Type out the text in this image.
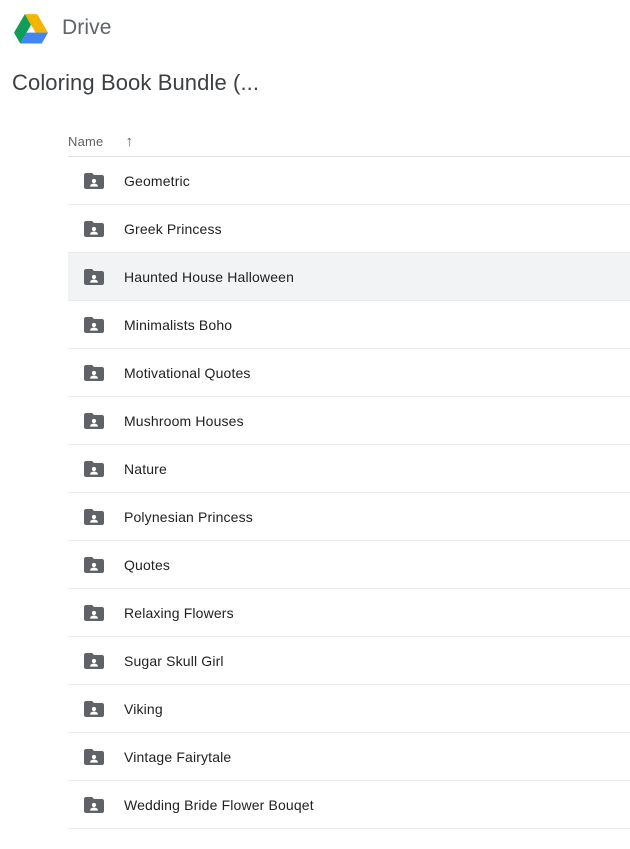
Drive
Coloring Book Bundle (...
Name ↑
Geometric
Greek Princess
Haunted House Halloween
Minimalists Boho
Motivational Quotes
Mushroom Houses
Nature
Polynesian Princess
Quotes
Relaxing Flowers
Sugar Skull Girl
Viking
Vintage Fairytale
Wedding Bride Flower Bouqet
